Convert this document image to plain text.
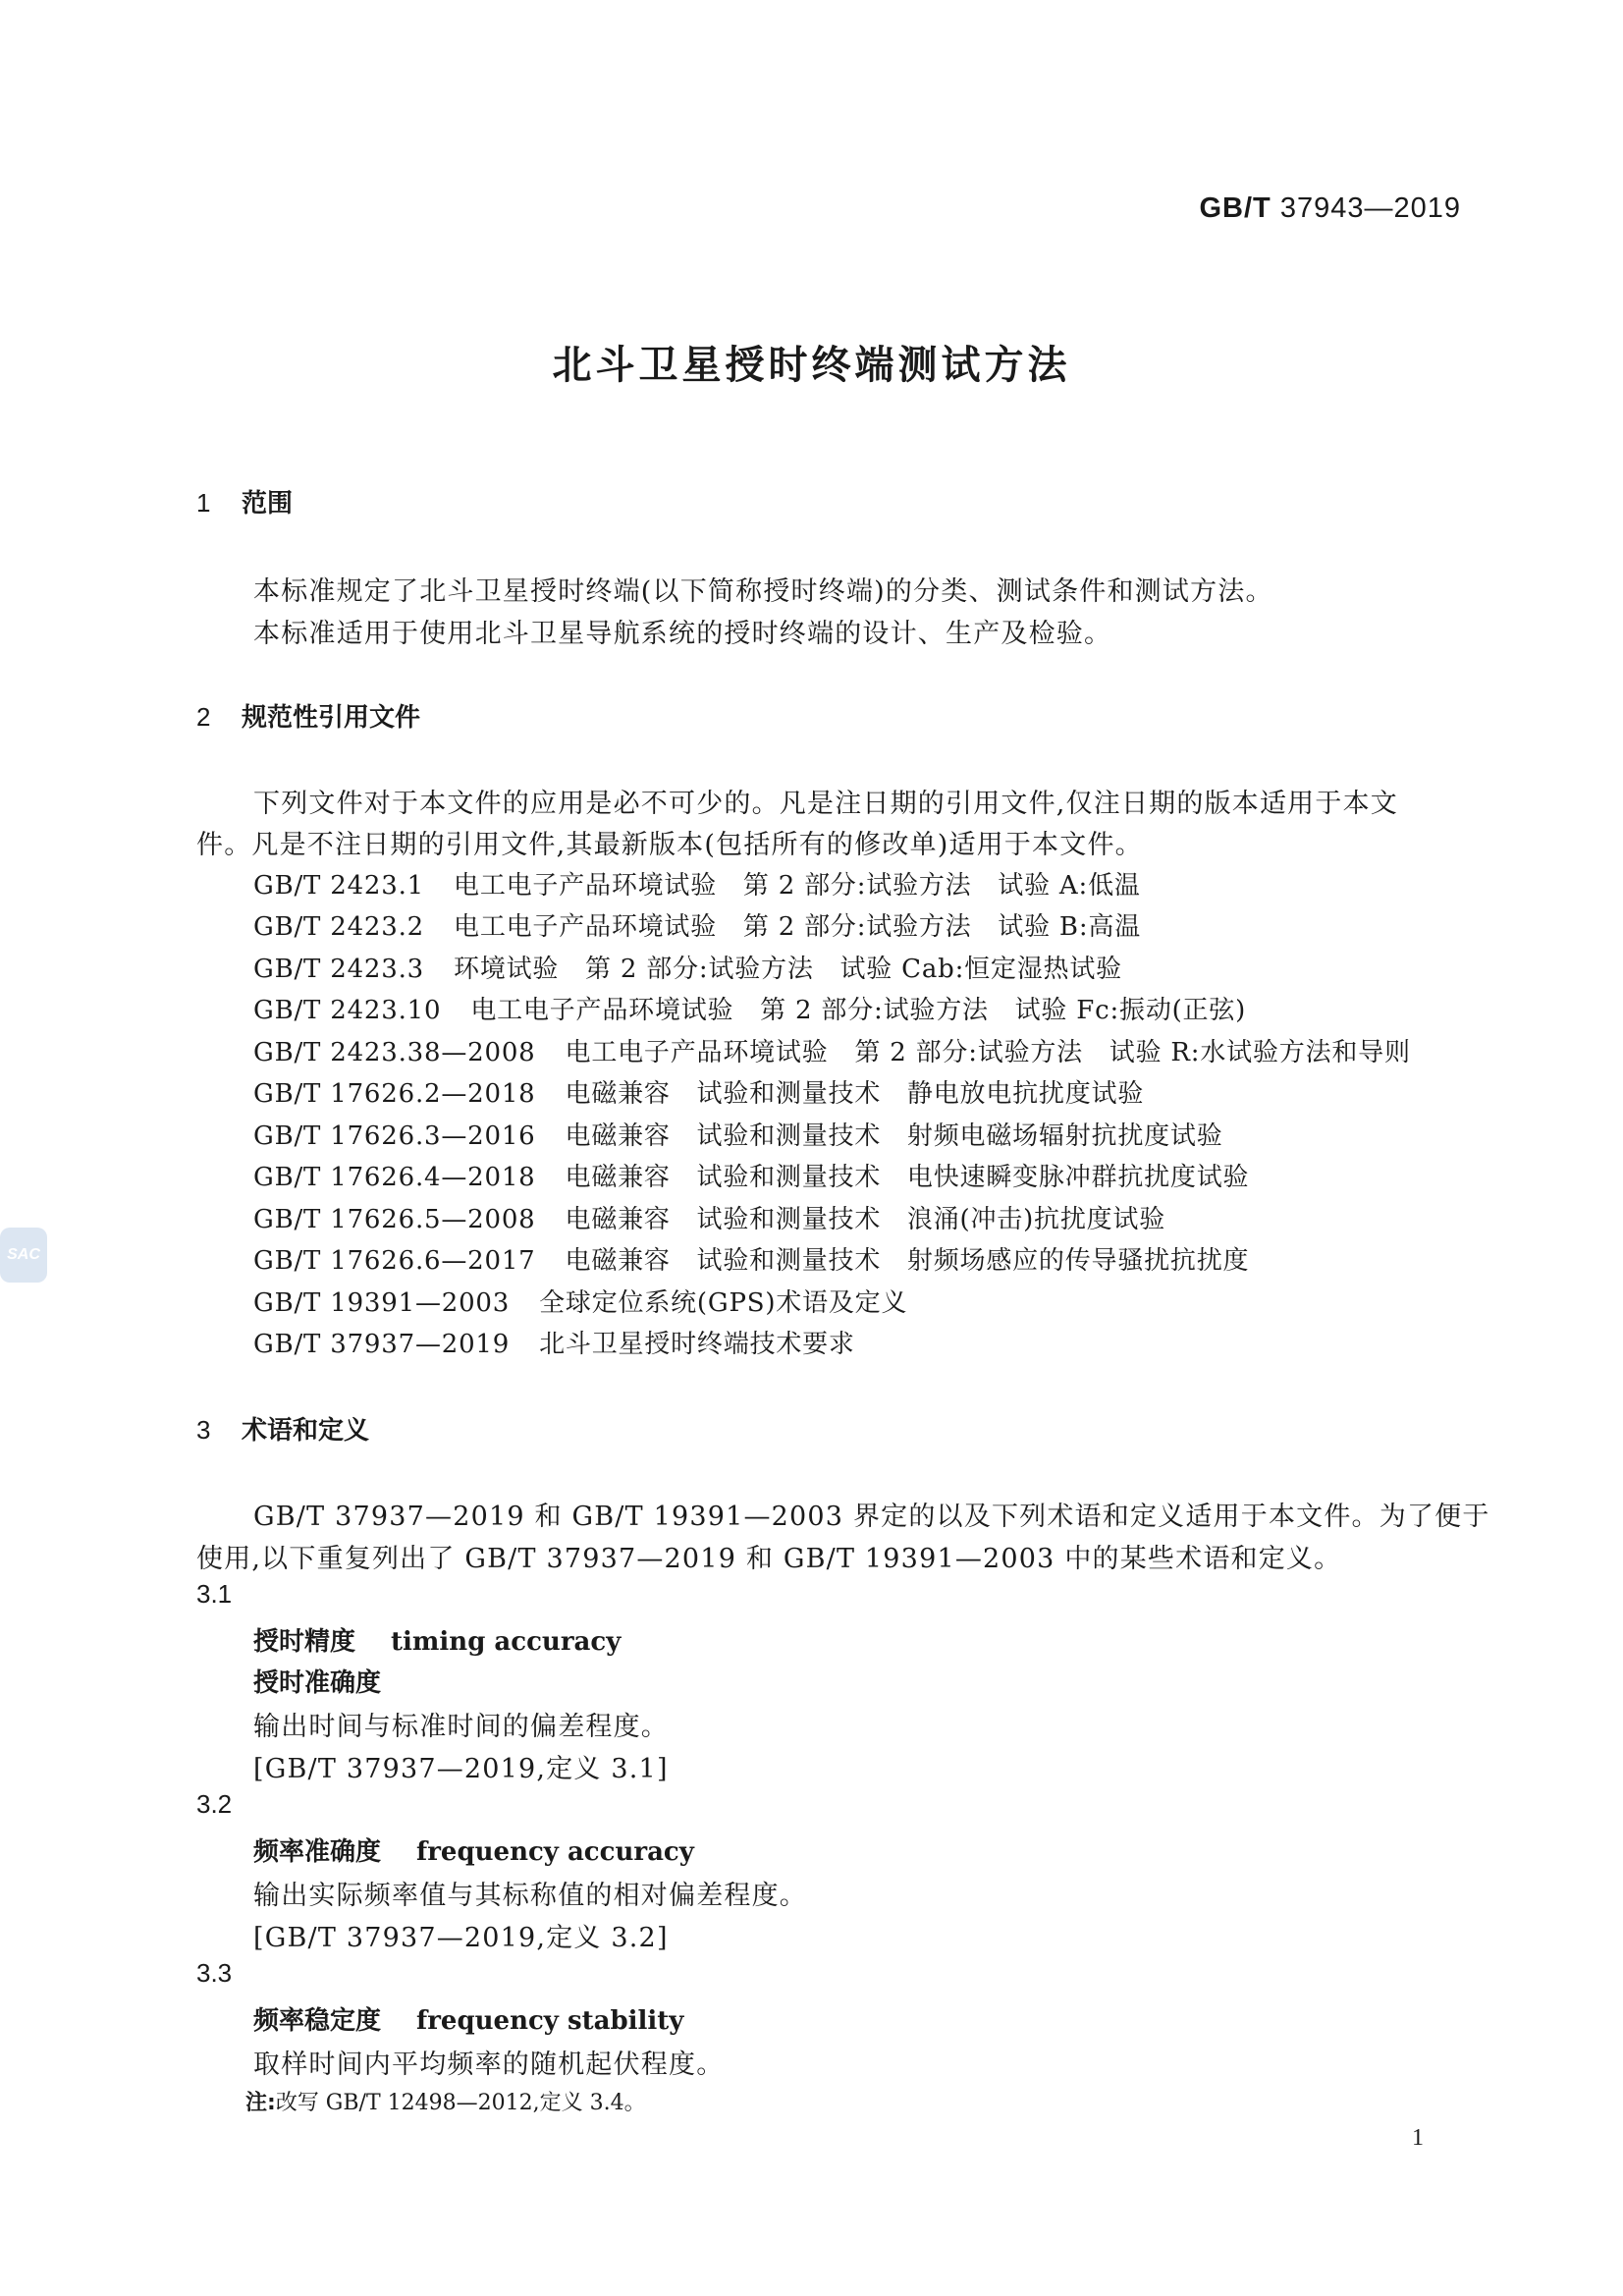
GB/T 37943—2019
北斗卫星授时终端测试方法
1 范围
本标准规定了北斗卫星授时终端(以下简称授时终端)的分类、测试条件和测试方法。
本标准适用于使用北斗卫星导航系统的授时终端的设计、生产及检验。
2 规范性引用文件
下列文件对于本文件的应用是必不可少的。凡是注日期的引用文件,仅注日期的版本适用于本文
件。凡是不注日期的引用文件,其最新版本(包括所有的修改单)适用于本文件。
GB/T 2423.1 电工电子产品环境试验　第 2 部分:试验方法　试验 A:低温
GB/T 2423.2 电工电子产品环境试验　第 2 部分:试验方法　试验 B:高温
GB/T 2423.3 环境试验　第 2 部分:试验方法　试验 Cab:恒定湿热试验
GB/T 2423.10 电工电子产品环境试验　第 2 部分:试验方法　试验 Fc:振动(正弦)
GB/T 2423.38—2008 电工电子产品环境试验　第 2 部分:试验方法　试验 R:水试验方法和导则
GB/T 17626.2—2018 电磁兼容　试验和测量技术　静电放电抗扰度试验
GB/T 17626.3—2016 电磁兼容　试验和测量技术　射频电磁场辐射抗扰度试验
GB/T 17626.4—2018 电磁兼容　试验和测量技术　电快速瞬变脉冲群抗扰度试验
GB/T 17626.5—2008 电磁兼容　试验和测量技术　浪涌(冲击)抗扰度试验
GB/T 17626.6—2017 电磁兼容　试验和测量技术　射频场感应的传导骚扰抗扰度
GB/T 19391—2003 全球定位系统(GPS)术语及定义
GB/T 37937—2019 北斗卫星授时终端技术要求
3 术语和定义
GB/T 37937—2019 和 GB/T 19391—2003 界定的以及下列术语和定义适用于本文件。为了便于
使用,以下重复列出了 GB/T 37937—2019 和 GB/T 19391—2003 中的某些术语和定义。
3.1
授时精度 timing accuracy
授时准确度
输出时间与标准时间的偏差程度。
[GB/T 37937—2019,定义 3.1]
3.2
频率准确度 frequency accuracy
输出实际频率值与其标称值的相对偏差程度。
[GB/T 37937—2019,定义 3.2]
3.3
频率稳定度 frequency stability
取样时间内平均频率的随机起伏程度。
注:改写 GB/T 12498—2012,定义 3.4。
1
SAC
